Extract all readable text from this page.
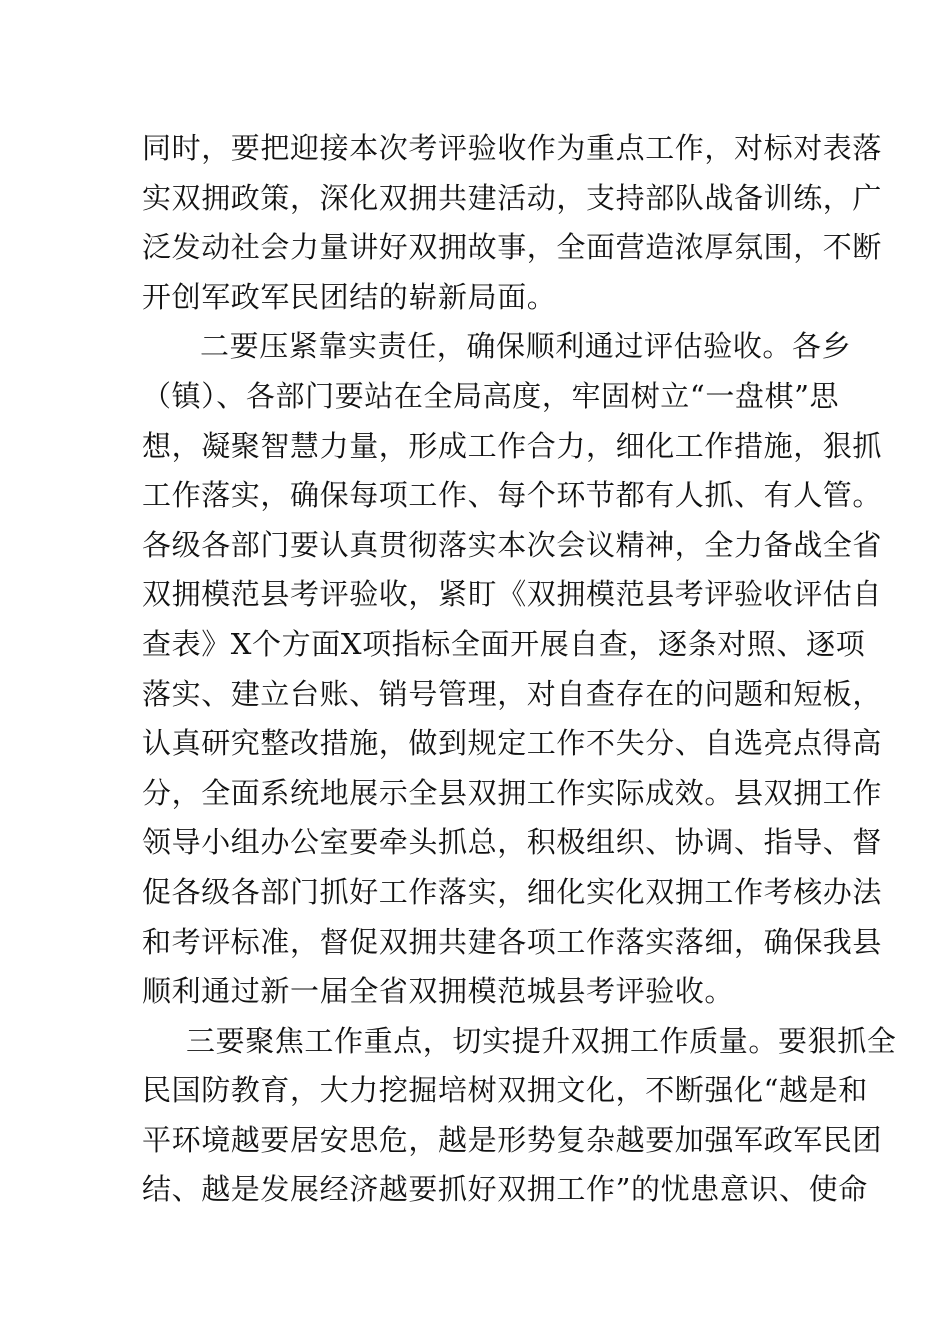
同时，要把迎接本次考评验收作为重点工作，对标对表落
实双拥政策，深化双拥共建活动，支持部队战备训练，广
泛发动社会力量讲好双拥故事，全面营造浓厚氛围，不断
开创军政军民团结的崭新局面。
二要压紧靠实责任，确保顺利通过评估验收。各乡
（镇）、各部门要站在全局高度，牢固树立“一盘棋”思
想，凝聚智慧力量，形成工作合力，细化工作措施，狠抓
工作落实，确保每项工作、每个环节都有人抓、有人管。
各级各部门要认真贯彻落实本次会议精神，全力备战全省
双拥模范县考评验收，紧盯《双拥模范县考评验收评估自
查表》X个方面X项指标全面开展自查，逐条对照、逐项
落实、建立台账、销号管理，对自查存在的问题和短板，
认真研究整改措施，做到规定工作不失分、自选亮点得高
分，全面系统地展示全县双拥工作实际成效。县双拥工作
领导小组办公室要牵头抓总，积极组织、协调、指导、督
促各级各部门抓好工作落实，细化实化双拥工作考核办法
和考评标准，督促双拥共建各项工作落实落细，确保我县
顺利通过新一届全省双拥模范城县考评验收。
三要聚焦工作重点，切实提升双拥工作质量。要狠抓全
民国防教育，大力挖掘培树双拥文化，不断强化“越是和
平环境越要居安思危，越是形势复杂越要加强军政军民团
结、越是发展经济越要抓好双拥工作”的忧患意识、使命
